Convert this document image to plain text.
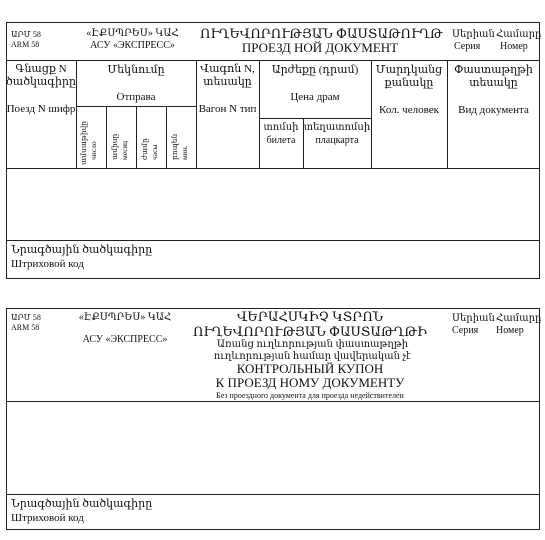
ԱՐՄ 58
ARM 58
«ԷՔՍՊՐԵՍ» ԿԱՀ
АСУ «ЭКСПРЕСС»
ՈՒՂԵՎՈՐՈՒԹՅԱՆ ՓԱՍՏԱԹՈՒՂԹ
ПРОЕЗД НОЙ ДОКУМЕНТ
Սերիան Համարը
Серия Номер
Գնացք N ծածկագիրը
Поезд N шифр
Մեկնումը
Отправа
ամսաթիվը число ամիսը месяц ժամը часы րոպեն мин.
Վագոն N, տեսակը
Вагон N тип
Արժեքը (դրամ)
Цена драм
տոմսի
билета
տեղատոմսի
плацкарта
Մարդկանց քանակը
Кол. человек
Փաստաթղթի տեսակը
Вид документа
Նրագծային ծածկագիրը
Штриховой код
ԱՐՄ 58
ARM 58
«ԷՔՍՊՐԵՍ» ԿԱՀ
АСУ «ЭКСПРЕСС»
ՎԵՐԱՀՍԿԻՉ ԿՏՐՈՆ
ՈՒՂԵՎՈՐՈՒԹՅԱՆ ՓԱՍՏԱԹՂԹԻ
Առանց ուղևորության փաստաթղթի ուղևորության համար վավերական չէ
КОНТРОЛЬНЫЙ КУПОН
К ПРОЕЗД НОМУ ДОКУМЕНТУ
Без проездного документа для проезда недействителен
Սերիան Համարը
Серия Номер
Նրագծային ծածկագիրը
Штриховой код
